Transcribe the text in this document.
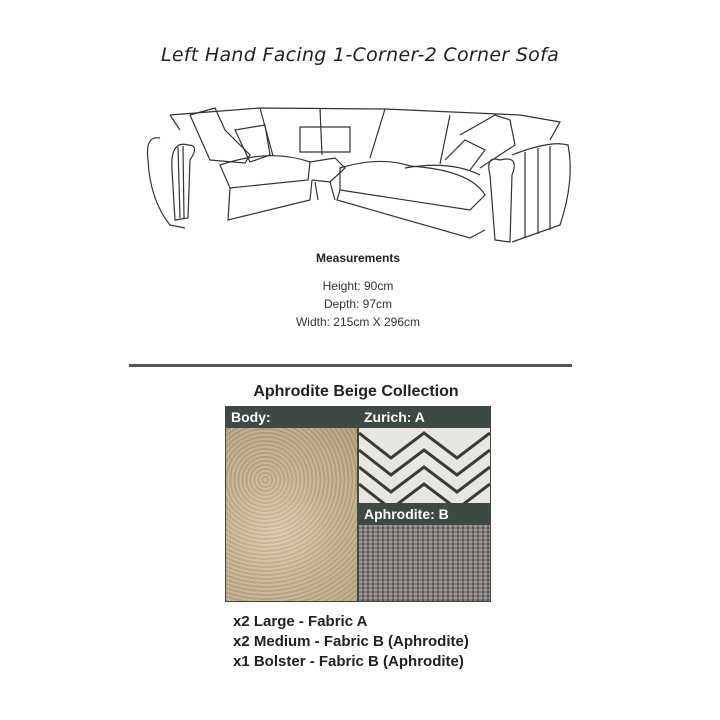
Left Hand Facing 1-Corner-2 Corner Sofa
Measurements
Height: 90cm
Depth: 97cm
Width: 215cm X 296cm
Aphrodite Beige Collection
Body:	Zurich: A
Aphrodite: B
x2 Large - Fabric A
x2 Medium - Fabric B (Aphrodite)
x1 Bolster - Fabric B (Aphrodite)
